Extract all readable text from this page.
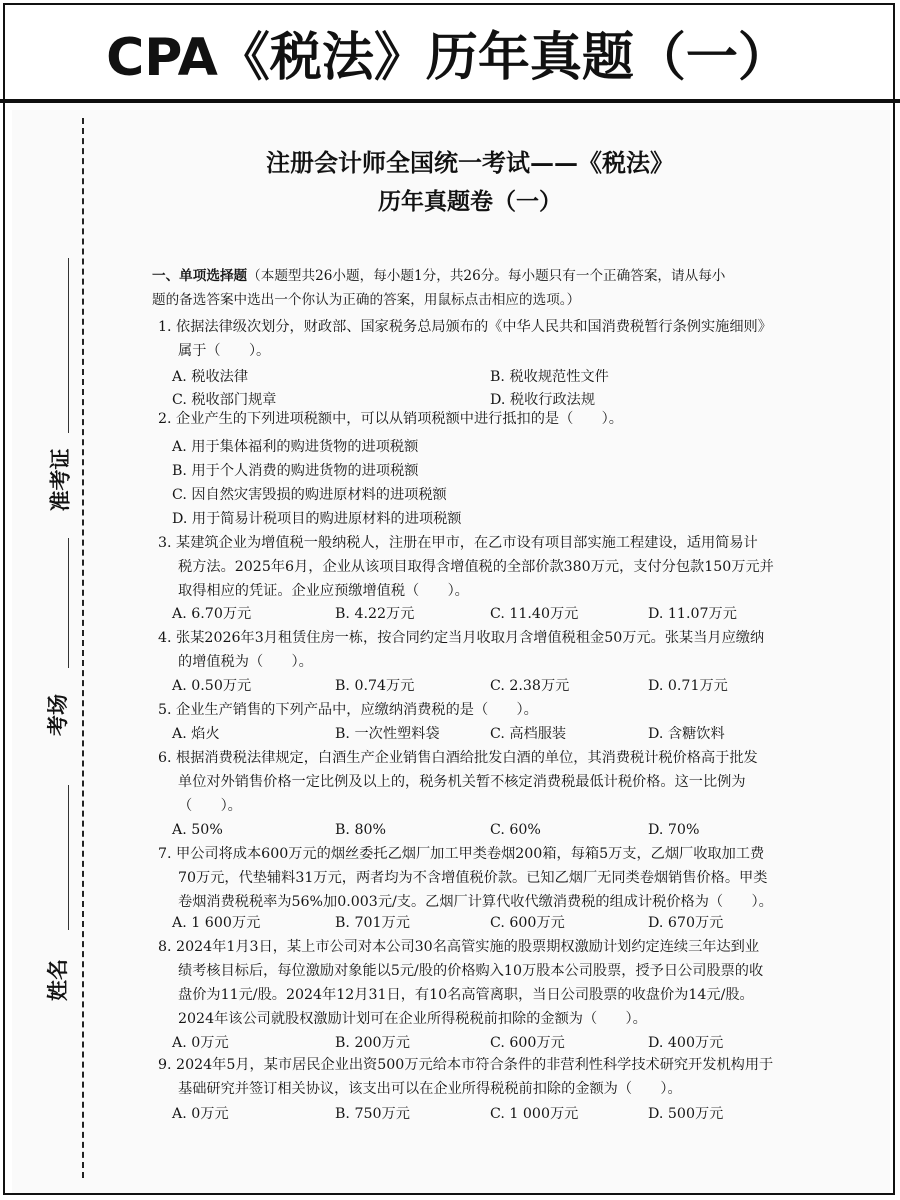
CPA《税法》历年真题（一）
准考证
考场
姓名
注册会计师全国统一考试——《税法》
历年真题卷（一）
一、单项选择题（本题型共26小题，每小题1分，共26分。每小题只有一个正确答案，请从每小
题的备选答案中选出一个你认为正确的答案，用鼠标点击相应的选项。）
1. 依据法律级次划分，财政部、国家税务总局颁布的《中华人民共和国消费税暂行条例实施细则》
属于（　　）。
A. 税收法律	B. 税收规范性文件
C. 税收部门规章	D. 税收行政法规
2. 企业产生的下列进项税额中，可以从销项税额中进行抵扣的是（　　）。
A. 用于集体福利的购进货物的进项税额
B. 用于个人消费的购进货物的进项税额
C. 因自然灾害毁损的购进原材料的进项税额
D. 用于简易计税项目的购进原材料的进项税额
3. 某建筑企业为增值税一般纳税人，注册在甲市，在乙市设有项目部实施工程建设，适用简易计
税方法。2025年6月，企业从该项目取得含增值税的全部价款380万元，支付分包款150万元并
取得相应的凭证。企业应预缴增值税（　　）。
A. 6.70万元	B. 4.22万元	C. 11.40万元	D. 11.07万元
4. 张某2026年3月租赁住房一栋，按合同约定当月收取月含增值税租金50万元。张某当月应缴纳
的增值税为（　　）。
A. 0.50万元	B. 0.74万元	C. 2.38万元	D. 0.71万元
5. 企业生产销售的下列产品中，应缴纳消费税的是（　　）。
A. 焰火	B. 一次性塑料袋	C. 高档服装	D. 含糖饮料
6. 根据消费税法律规定，白酒生产企业销售白酒给批发白酒的单位，其消费税计税价格高于批发
单位对外销售价格一定比例及以上的，税务机关暂不核定消费税最低计税价格。这一比例为
（　　）。
A. 50%	B. 80%	C. 60%	D. 70%
7. 甲公司将成本600万元的烟丝委托乙烟厂加工甲类卷烟200箱，每箱5万支，乙烟厂收取加工费
70万元，代垫辅料31万元，两者均为不含增值税价款。已知乙烟厂无同类卷烟销售价格。甲类
卷烟消费税税率为56%加0.003元/支。乙烟厂计算代收代缴消费税的组成计税价格为（　　）。
A. 1 600万元	B. 701万元	C. 600万元	D. 670万元
8. 2024年1月3日，某上市公司对本公司30名高管实施的股票期权激励计划约定连续三年达到业
绩考核目标后，每位激励对象能以5元/股的价格购入10万股本公司股票，授予日公司股票的收
盘价为11元/股。2024年12月31日，有10名高管离职，当日公司股票的收盘价为14元/股。
2024年该公司就股权激励计划可在企业所得税税前扣除的金额为（　　）。
A. 0万元	B. 200万元	C. 600万元	D. 400万元
9. 2024年5月，某市居民企业出资500万元给本市符合条件的非营利性科学技术研究开发机构用于
基础研究并签订相关协议，该支出可以在企业所得税税前扣除的金额为（　　）。
A. 0万元	B. 750万元	C. 1 000万元	D. 500万元
